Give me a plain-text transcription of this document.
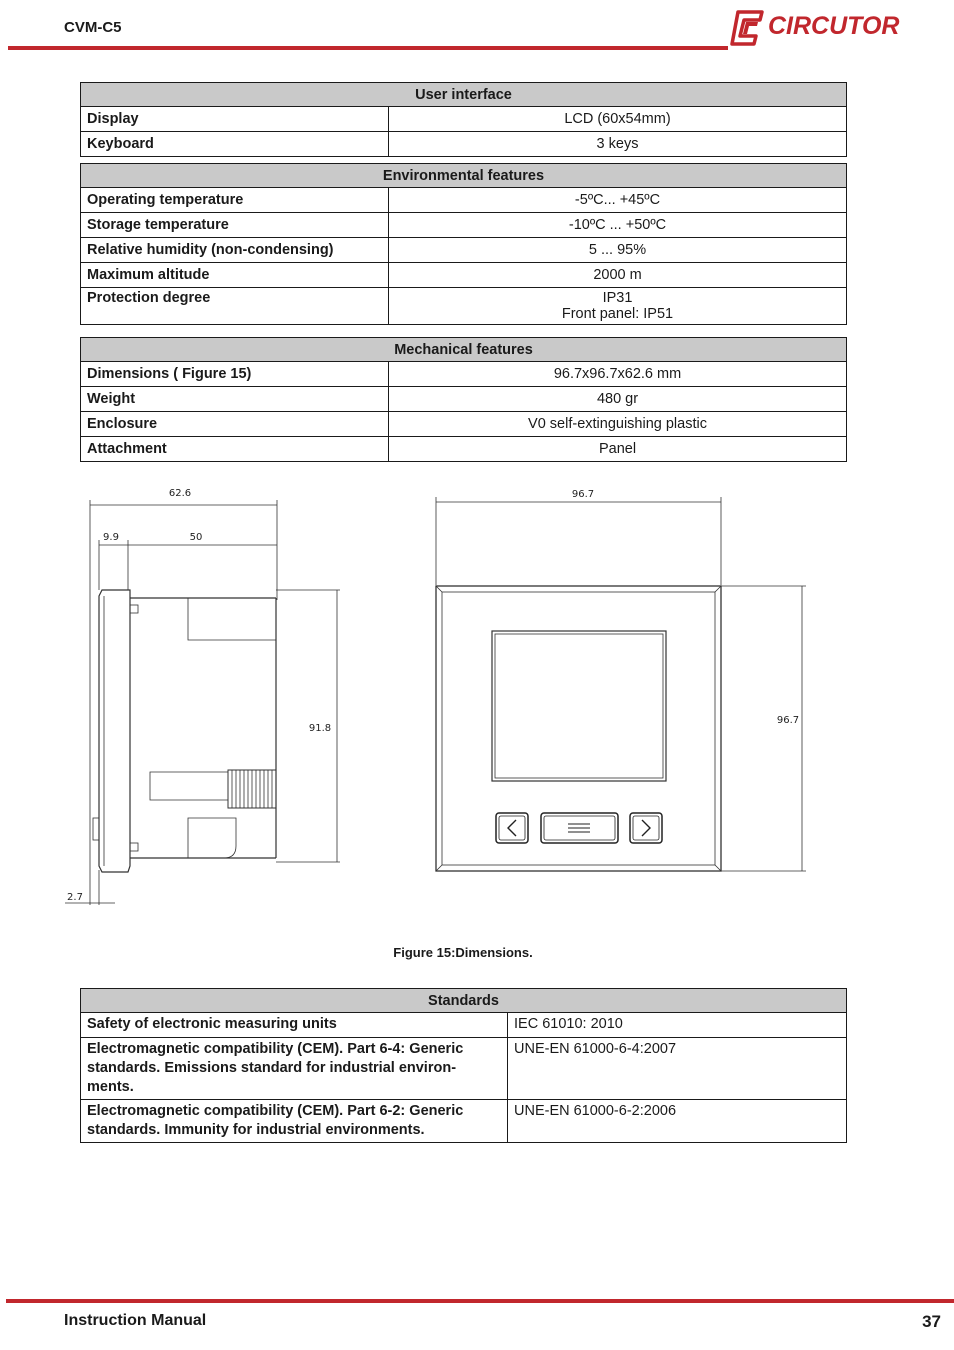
CVM-C5	CIRCUTOR
User interface	
Display	LCD (60x54mm)
Keyboard	3 keys
Environmental features	
Operating temperature	-5ºC... +45ºC
Storage temperature	-10ºC ... +50ºC
Relative humidity (non-condensing)	5 ... 95%
Maximum altitude	2000 m
Protection degree	IP31
Front panel: IP51
Mechanical features	
Dimensions ( Figure 15)	96.7x96.7x62.6 mm
Weight	480 gr
Enclosure	V0 self-extinguishing plastic
Attachment	Panel
62.6
9.9	50
91.8
2.7
96.7
96.7
Figure 15:Dimensions.
Standards	
Safety of electronic measuring units	IEC 61010: 2010

Electromagnetic compatibility (CEM). Part 6-4: Generic
standards. Emissions standard for industrial environ-
ments.	UNE-EN 61000-6-4:2007

Electromagnetic compatibility (CEM). Part 6-2: Generic
standards. Immunity for industrial environments.	UNE-EN 61000-6-2:2006
Instruction Manual	37
